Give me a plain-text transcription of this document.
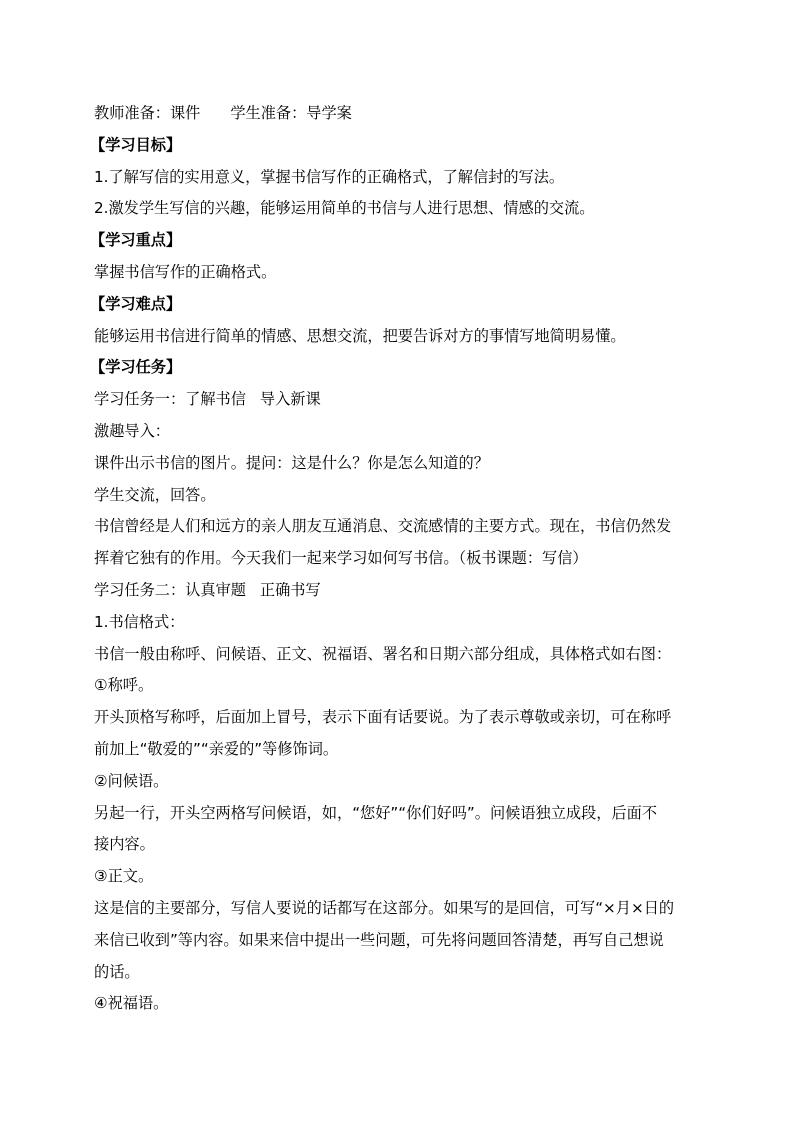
教师准备：课件 学生准备：导学案
【学习目标】
1.了解写信的实用意义，掌握书信写作的正确格式，了解信封的写法。
2.激发学生写信的兴趣，能够运用简单的书信与人进行思想、情感的交流。
【学习重点】
掌握书信写作的正确格式。
【学习难点】
能够运用书信进行简单的情感、思想交流，把要告诉对方的事情写地简明易懂。
【学习任务】
学习任务一：了解书信 导入新课
激趣导入：
课件出示书信的图片。提问：这是什么？你是怎么知道的？
学生交流，回答。
书信曾经是人们和远方的亲人朋友互通消息、交流感情的主要方式。现在，书信仍然发
挥着它独有的作用。今天我们一起来学习如何写书信。（板书课题：写信）
学习任务二：认真审题 正确书写
1.书信格式：
书信一般由称呼、问候语、正文、祝福语、署名和日期六部分组成，具体格式如右图：
①称呼。
开头顶格写称呼，后面加上冒号，表示下面有话要说。为了表示尊敬或亲切，可在称呼
前加上“敬爱的”“亲爱的”等修饰词。
②问候语。
另起一行，开头空两格写问候语，如，“您好”“你们好吗”。问候语独立成段，后面不
接内容。
③正文。
这是信的主要部分，写信人要说的话都写在这部分。如果写的是回信，可写“×月×日的
来信已收到”等内容。如果来信中提出一些问题，可先将问题回答清楚，再写自己想说
的话。
④祝福语。
